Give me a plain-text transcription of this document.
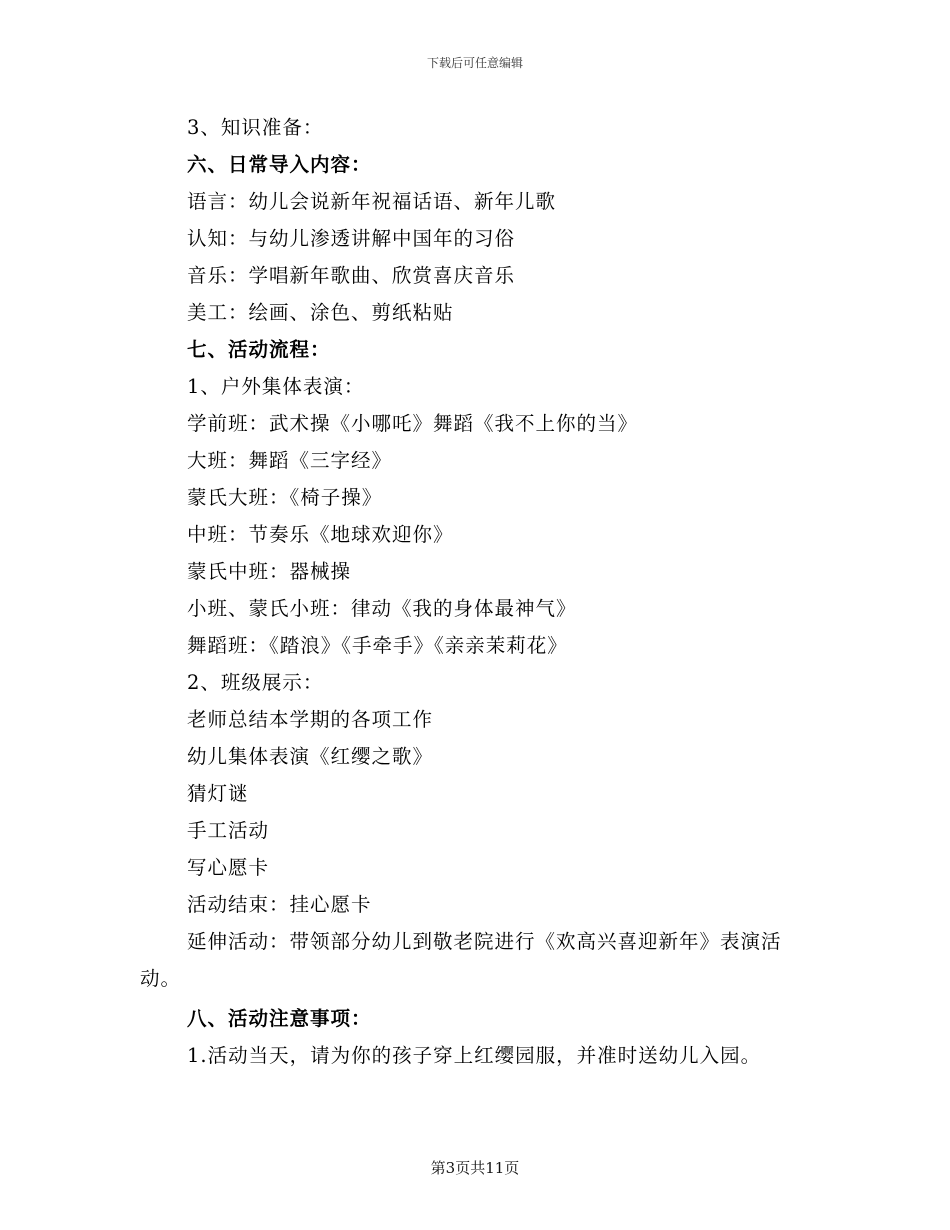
下载后可任意编辑
3、知识准备：
六、日常导入内容：
语言：幼儿会说新年祝福话语、新年儿歌
认知：与幼儿渗透讲解中国年的习俗
音乐：学唱新年歌曲、欣赏喜庆音乐
美工：绘画、涂色、剪纸粘贴
七、活动流程：
1、户外集体表演：
学前班：武术操《小哪吒》舞蹈《我不上你的当》
大班：舞蹈《三字经》
蒙氏大班：《椅子操》
中班：节奏乐《地球欢迎你》
蒙氏中班：器械操
小班、蒙氏小班：律动《我的身体最神气》
舞蹈班：《踏浪》《手牵手》《亲亲茉莉花》
2、班级展示：
老师总结本学期的各项工作
幼儿集体表演《红缨之歌》
猜灯谜
手工活动
写心愿卡
活动结束：挂心愿卡
延伸活动：带领部分幼儿到敬老院进行《欢高兴喜迎新年》表演活动。
八、活动注意事项：
1.活动当天，请为你的孩子穿上红缨园服，并准时送幼儿入园。
第3页共11页
